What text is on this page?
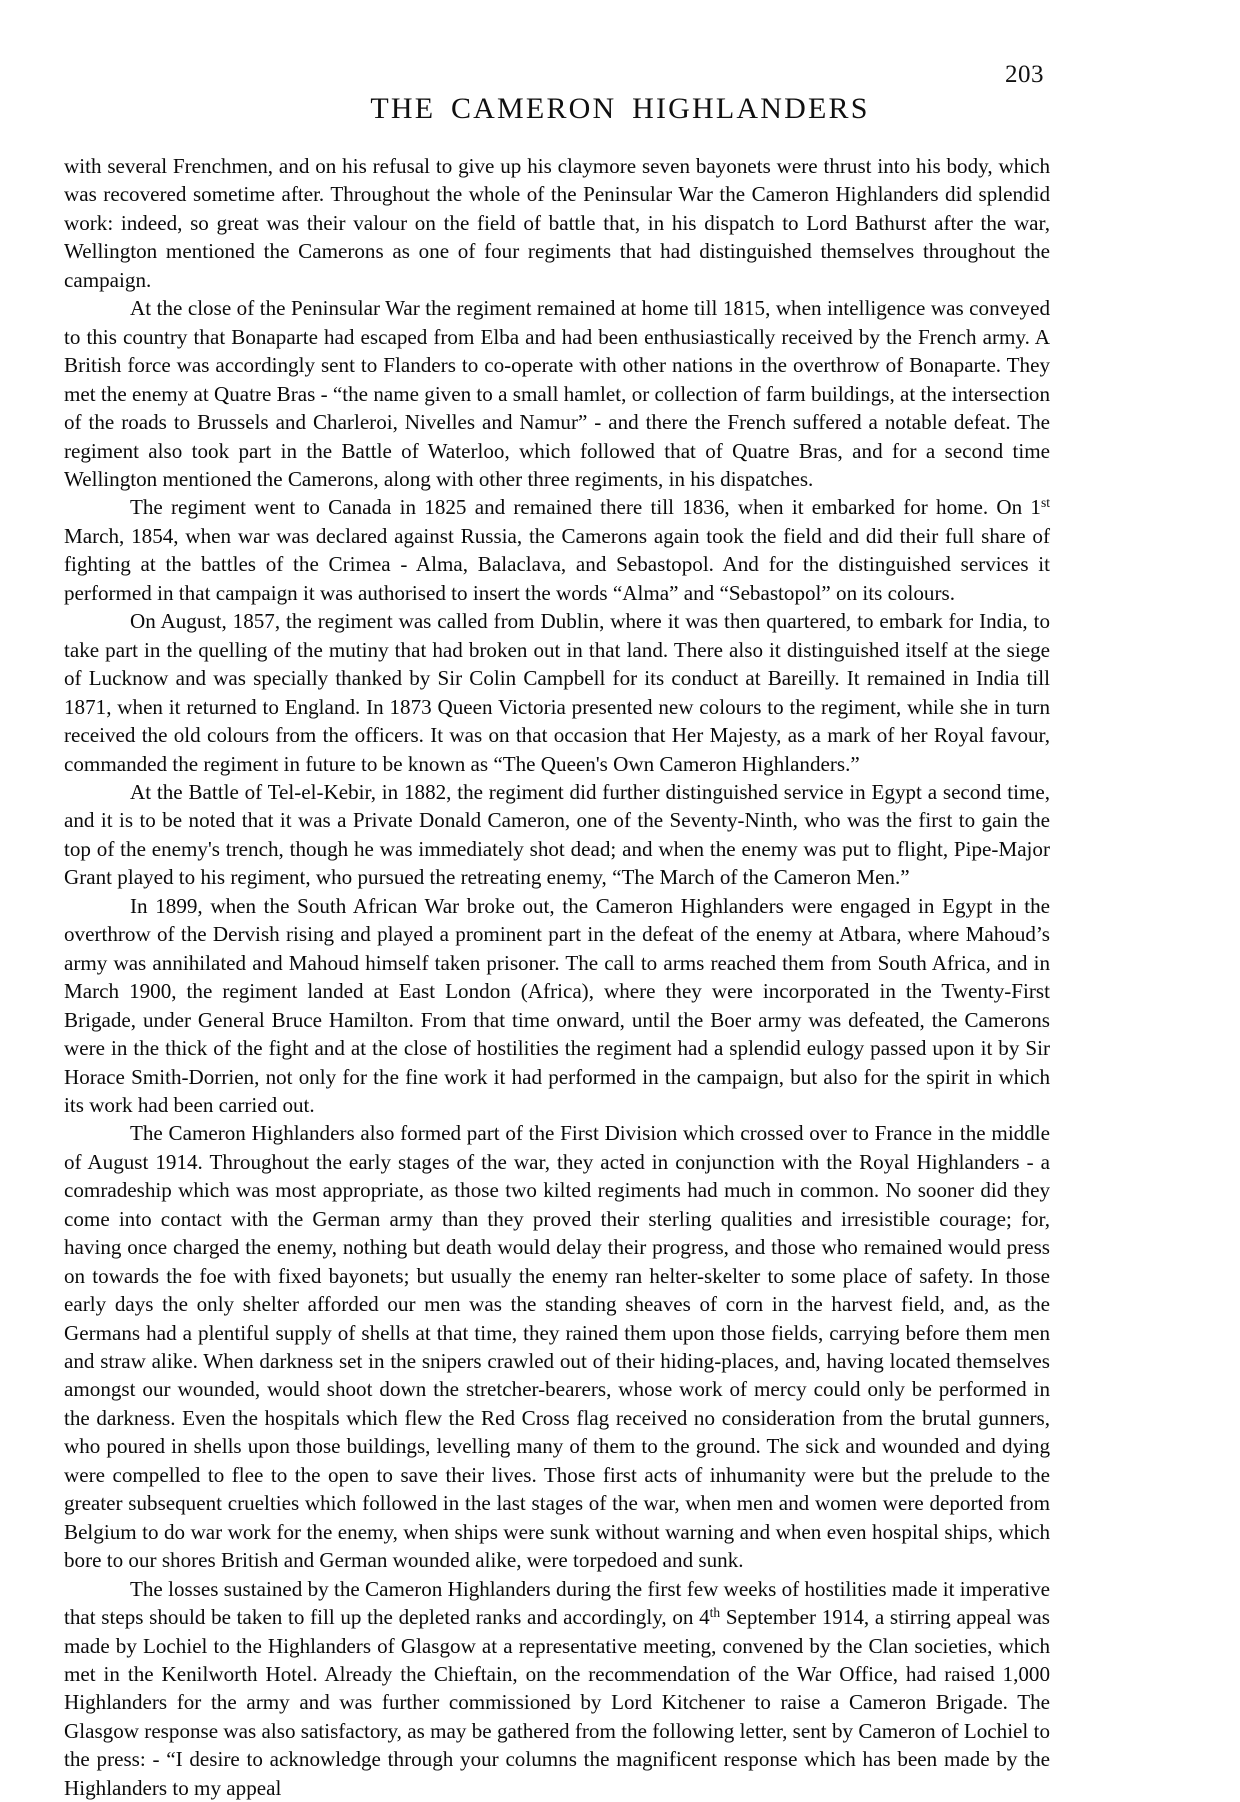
203
THE CAMERON HIGHLANDERS

with several Frenchmen, and on his refusal to give up his claymore seven bayonets were thrust into his body, which was recovered sometime after. Throughout the whole of the Peninsular War the Cameron Highlanders did splendid work: indeed, so great was their valour on the field of battle that, in his dispatch to Lord Bathurst after the war, Wellington mentioned the Camerons as one of four regiments that had distinguished themselves throughout the campaign.

At the close of the Peninsular War the regiment remained at home till 1815, when intelligence was conveyed to this country that Bonaparte had escaped from Elba and had been enthusiastically received by the French army. A British force was accordingly sent to Flanders to co-operate with other nations in the overthrow of Bonaparte. They met the enemy at Quatre Bras - “the name given to a small hamlet, or collection of farm buildings, at the intersection of the roads to Brussels and Charleroi, Nivelles and Namur” - and there the French suffered a notable defeat. The regiment also took part in the Battle of Waterloo, which followed that of Quatre Bras, and for a second time Wellington mentioned the Camerons, along with other three regiments, in his dispatches.

The regiment went to Canada in 1825 and remained there till 1836, when it embarked for home. On 1st March, 1854, when war was declared against Russia, the Camerons again took the field and did their full share of fighting at the battles of the Crimea - Alma, Balaclava, and Sebastopol. And for the distinguished services it performed in that campaign it was authorised to insert the words “Alma” and “Sebastopol” on its colours.

On August, 1857, the regiment was called from Dublin, where it was then quartered, to embark for India, to take part in the quelling of the mutiny that had broken out in that land. There also it distinguished itself at the siege of Lucknow and was specially thanked by Sir Colin Campbell for its conduct at Bareilly. It remained in India till 1871, when it returned to England. In 1873 Queen Victoria presented new colours to the regiment, while she in turn received the old colours from the officers. It was on that occasion that Her Majesty, as a mark of her Royal favour, commanded the regiment in future to be known as “The Queen's Own Cameron Highlanders.”

At the Battle of Tel-el-Kebir, in 1882, the regiment did further distinguished service in Egypt a second time, and it is to be noted that it was a Private Donald Cameron, one of the Seventy-Ninth, who was the first to gain the top of the enemy's trench, though he was immediately shot dead; and when the enemy was put to flight, Pipe-Major Grant played to his regiment, who pursued the retreating enemy, “The March of the Cameron Men.”

In 1899, when the South African War broke out, the Cameron Highlanders were engaged in Egypt in the overthrow of the Dervish rising and played a prominent part in the defeat of the enemy at Atbara, where Mahoud’s army was annihilated and Mahoud himself taken prisoner. The call to arms reached them from South Africa, and in March 1900, the regiment landed at East London (Africa), where they were incorporated in the Twenty-First Brigade, under General Bruce Hamilton. From that time onward, until the Boer army was defeated, the Camerons were in the thick of the fight and at the close of hostilities the regiment had a splendid eulogy passed upon it by Sir Horace Smith-Dorrien, not only for the fine work it had performed in the campaign, but also for the spirit in which its work had been carried out.

The Cameron Highlanders also formed part of the First Division which crossed over to France in the middle of August 1914. Throughout the early stages of the war, they acted in conjunction with the Royal Highlanders - a comradeship which was most appropriate, as those two kilted regiments had much in common. No sooner did they come into contact with the German army than they proved their sterling qualities and irresistible courage; for, having once charged the enemy, nothing but death would delay their progress, and those who remained would press on towards the foe with fixed bayonets; but usually the enemy ran helter-skelter to some place of safety. In those early days the only shelter afforded our men was the standing sheaves of corn in the harvest field, and, as the Germans had a plentiful supply of shells at that time, they rained them upon those fields, carrying before them men and straw alike. When darkness set in the snipers crawled out of their hiding-places, and, having located themselves amongst our wounded, would shoot down the stretcher-bearers, whose work of mercy could only be performed in the darkness. Even the hospitals which flew the Red Cross flag received no consideration from the brutal gunners, who poured in shells upon those buildings, levelling many of them to the ground. The sick and wounded and dying were compelled to flee to the open to save their lives. Those first acts of inhumanity were but the prelude to the greater subsequent cruelties which followed in the last stages of the war, when men and women were deported from Belgium to do war work for the enemy, when ships were sunk without warning and when even hospital ships, which bore to our shores British and German wounded alike, were torpedoed and sunk.

The losses sustained by the Cameron Highlanders during the first few weeks of hostilities made it imperative that steps should be taken to fill up the depleted ranks and accordingly, on 4th September 1914, a stirring appeal was made by Lochiel to the Highlanders of Glasgow at a representative meeting, convened by the Clan societies, which met in the Kenilworth Hotel. Already the Chieftain, on the recommendation of the War Office, had raised 1,000 Highlanders for the army and was further commissioned by Lord Kitchener to raise a Cameron Brigade. The Glasgow response was also satisfactory, as may be gathered from the following letter, sent by Cameron of Lochiel to the press: - “I desire to acknowledge through your columns the magnificent response which has been made by the Highlanders to my appeal
